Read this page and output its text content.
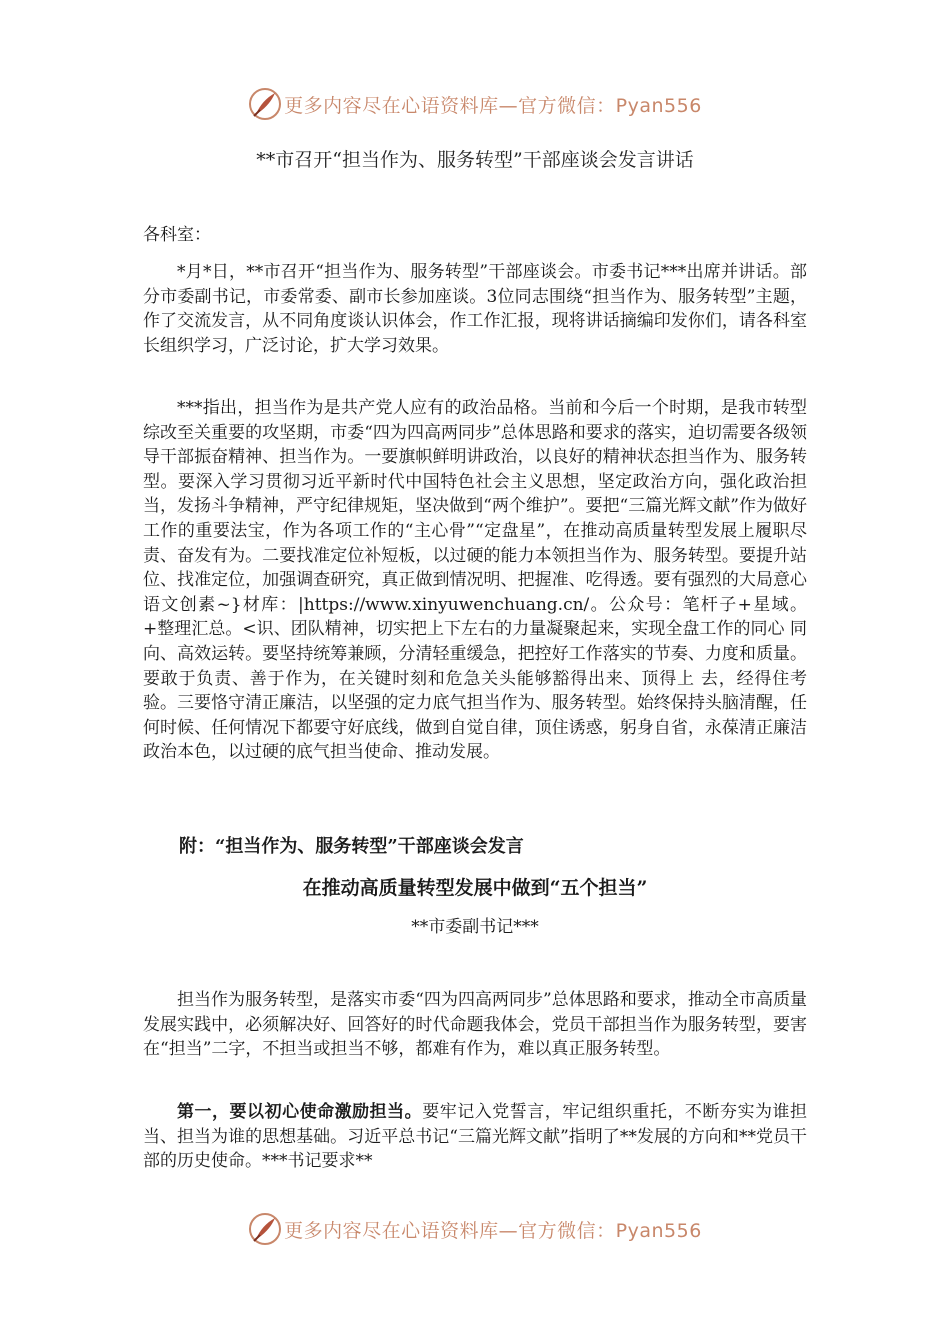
更多内容尽在心语资料库—官方微信：Pyan556
**市召开“担当作为、服务转型”干部座谈会发言讲话
各科室：
*月*日，**市召开“担当作为、服务转型”干部座谈会。市委书记***出席并讲话。部分市委副书记，市委常委、副市长参加座谈。3位同志围绕“担当作为、服务转型”主题，作了交流发言，从不同角度谈认识体会，作工作汇报，现将讲话摘编印发你们，请各科室长组织学习，广泛讨论，扩大学习效果。
***指出，担当作为是共产党人应有的政治品格。当前和今后一个时期，是我市转型综改至关重要的攻坚期，市委“四为四高两同步”总体思路和要求的落实，迫切需要各级领导干部振奋精神、担当作为。一要旗帜鲜明讲政治，以良好的精神状态担当作为、服务转型。要深入学习贯彻习近平新时代中国特色社会主义思想，坚定政治方向，强化政治担当，发扬斗争精神，严守纪律规矩，坚决做到“两个维护”。要把“三篇光辉文献”作为做好工作的重要法宝，作为各项工作的“主心骨”“定盘星”，在推动高质量转型发展上履职尽责、奋发有为。二要找准定位补短板，以过硬的能力本领担当作为、服务转型。要提升站位、找准定位，加强调查研究，真正做到情况明、把握准、吃得透。要有强烈的大局意心语文创素~}材库：|https://www.xinyuwenchuang.cn/。公众号：笔杆子+星域。+整理汇总。<识、团队精神，切实把上下左右的力量凝聚起来，实现全盘工作的同心 同向、高效运转。要坚持统筹兼顾，分清轻重缓急，把控好工作落实的节奏、力度和质量。要敢于负责、善于作为，在关键时刻和危急关头能够豁得出来、顶得上 去，经得住考验。三要恪守清正廉洁，以坚强的定力底气担当作为、服务转型。始终保持头脑清醒，任何时候、任何情况下都要守好底线，做到自觉自律，顶住诱惑，躬身自省，永葆清正廉洁政治本色，以过硬的底气担当使命、推动发展。
附：“担当作为、服务转型”干部座谈会发言
在推动高质量转型发展中做到“五个担当”
**市委副书记***
担当作为服务转型，是落实市委“四为四高两同步”总体思路和要求，推动全市高质量发展实践中，必须解决好、回答好的时代命题我体会，党员干部担当作为服务转型，要害在“担当”二字，不担当或担当不够，都难有作为，难以真正服务转型。
第一，要以初心使命激励担当。要牢记入党誓言，牢记组织重托，不断夯实为谁担当、担当为谁的思想基础。习近平总书记“三篇光辉文献”指明了**发展的方向和**党员干部的历史使命。***书记要求**
更多内容尽在心语资料库—官方微信：Pyan556
